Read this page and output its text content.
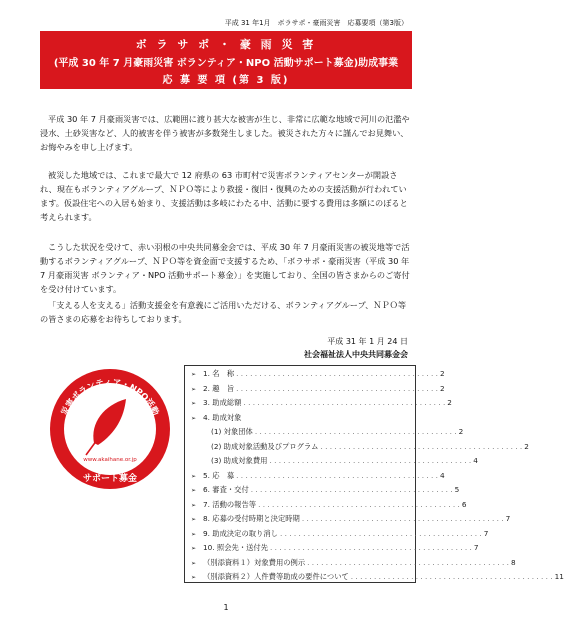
平成 31 年1月　ボラサポ・豪雨災害　応募要項（第3版）
ボ ラ サ ポ ・ 豪 雨 災 害
(平成 30 年 7 月豪雨災害 ボランティア・NPO 活動サポート募金)助成事業
応 募 要 項 (第 3 版)
【第３回助成用（平成 31 年 1 月 24 日　受付開始)】

平成 30 年 7 月豪雨災害では、広範囲に渡り甚大な被害が生じ、非常に広範な地域で河川の氾濫や浸水、土砂災害など、人的被害を伴う被害が多数発生しました。被災された方々に謹んでお見舞い、お悔やみを申し上げます。

被災した地域では、これまで最大で 12 府県の 63 市町村で災害ボランティアセンターが開設され、現在もボランティアグループ、ＮＰＯ等により救援・復旧・復興のための支援活動が行われています。仮設住宅への入居も始まり、支援活動は多岐にわたる中、活動に要する費用は多額にのぼると考えられます。

こうした状況を受けて、赤い羽根の中央共同募金会では、平成 30 年 7 月豪雨災害の被災地等で活動するボランティアグループ、ＮＰＯ等を資金面で支援するため、「ボラサポ・豪雨災害（平成 30 年 7 月豪雨災害 ボランティア・NPO 活動サポート募金）」を実施しており、全国の皆さまからのご寄付を受け付けています。

「支える人を支える」活動支援金を有意義にご活用いただける、ボランティアグループ、ＮＰＯ等の皆さまの応募をお待ちしております。

平成 31 年 1 月 24 日
社会福祉法人中央共同募金会
災害ボランティア・NPO活動
www.akaihane.or.jp
サポート募金
➢ 1. 名　称 . . . . . . . . . . . . . . . . . . . . . . . . . . . . . . . . . . . . . . . . . . . . 2
➢ 2. 趣　旨 . . . . . . . . . . . . . . . . . . . . . . . . . . . . . . . . . . . . . . . . . . . . 2
➢ 3. 助成総額 . . . . . . . . . . . . . . . . . . . . . . . . . . . . . . . . . . . . . . . . . . . . 2
➢ 4. 助成対象
(1) 対象団体 . . . . . . . . . . . . . . . . . . . . . . . . . . . . . . . . . . . . . . . . . . . . 2
(2) 助成対象活動及びプログラム . . . . . . . . . . . . . . . . . . . . . . . . . . . . . . . . . . . . . . . . . . . . 2
(3) 助成対象費用 . . . . . . . . . . . . . . . . . . . . . . . . . . . . . . . . . . . . . . . . . . . . 4
➢ 5. 応　募 . . . . . . . . . . . . . . . . . . . . . . . . . . . . . . . . . . . . . . . . . . . . 4
➢ 6. 審査・交付 . . . . . . . . . . . . . . . . . . . . . . . . . . . . . . . . . . . . . . . . . . . . 5
➢ 7. 活動の報告等 . . . . . . . . . . . . . . . . . . . . . . . . . . . . . . . . . . . . . . . . . . . . 6
➢ 8. 応募の受付時期と決定時期 . . . . . . . . . . . . . . . . . . . . . . . . . . . . . . . . . . . . . . . . . . . . 7
➢ 9. 助成決定の取り消し . . . . . . . . . . . . . . . . . . . . . . . . . . . . . . . . . . . . . . . . . . . . 7
➢ 10. 照会先・送付先 . . . . . . . . . . . . . . . . . . . . . . . . . . . . . . . . . . . . . . . . . . . . 7
➢ （別添資料１）対象費用の例示 . . . . . . . . . . . . . . . . . . . . . . . . . . . . . . . . . . . . . . . . . . . . 8
➢ （別添資料２）人件費等助成の要件について . . . . . . . . . . . . . . . . . . . . . . . . . . . . . . . . . . . . . . . . . . . . 11
1
